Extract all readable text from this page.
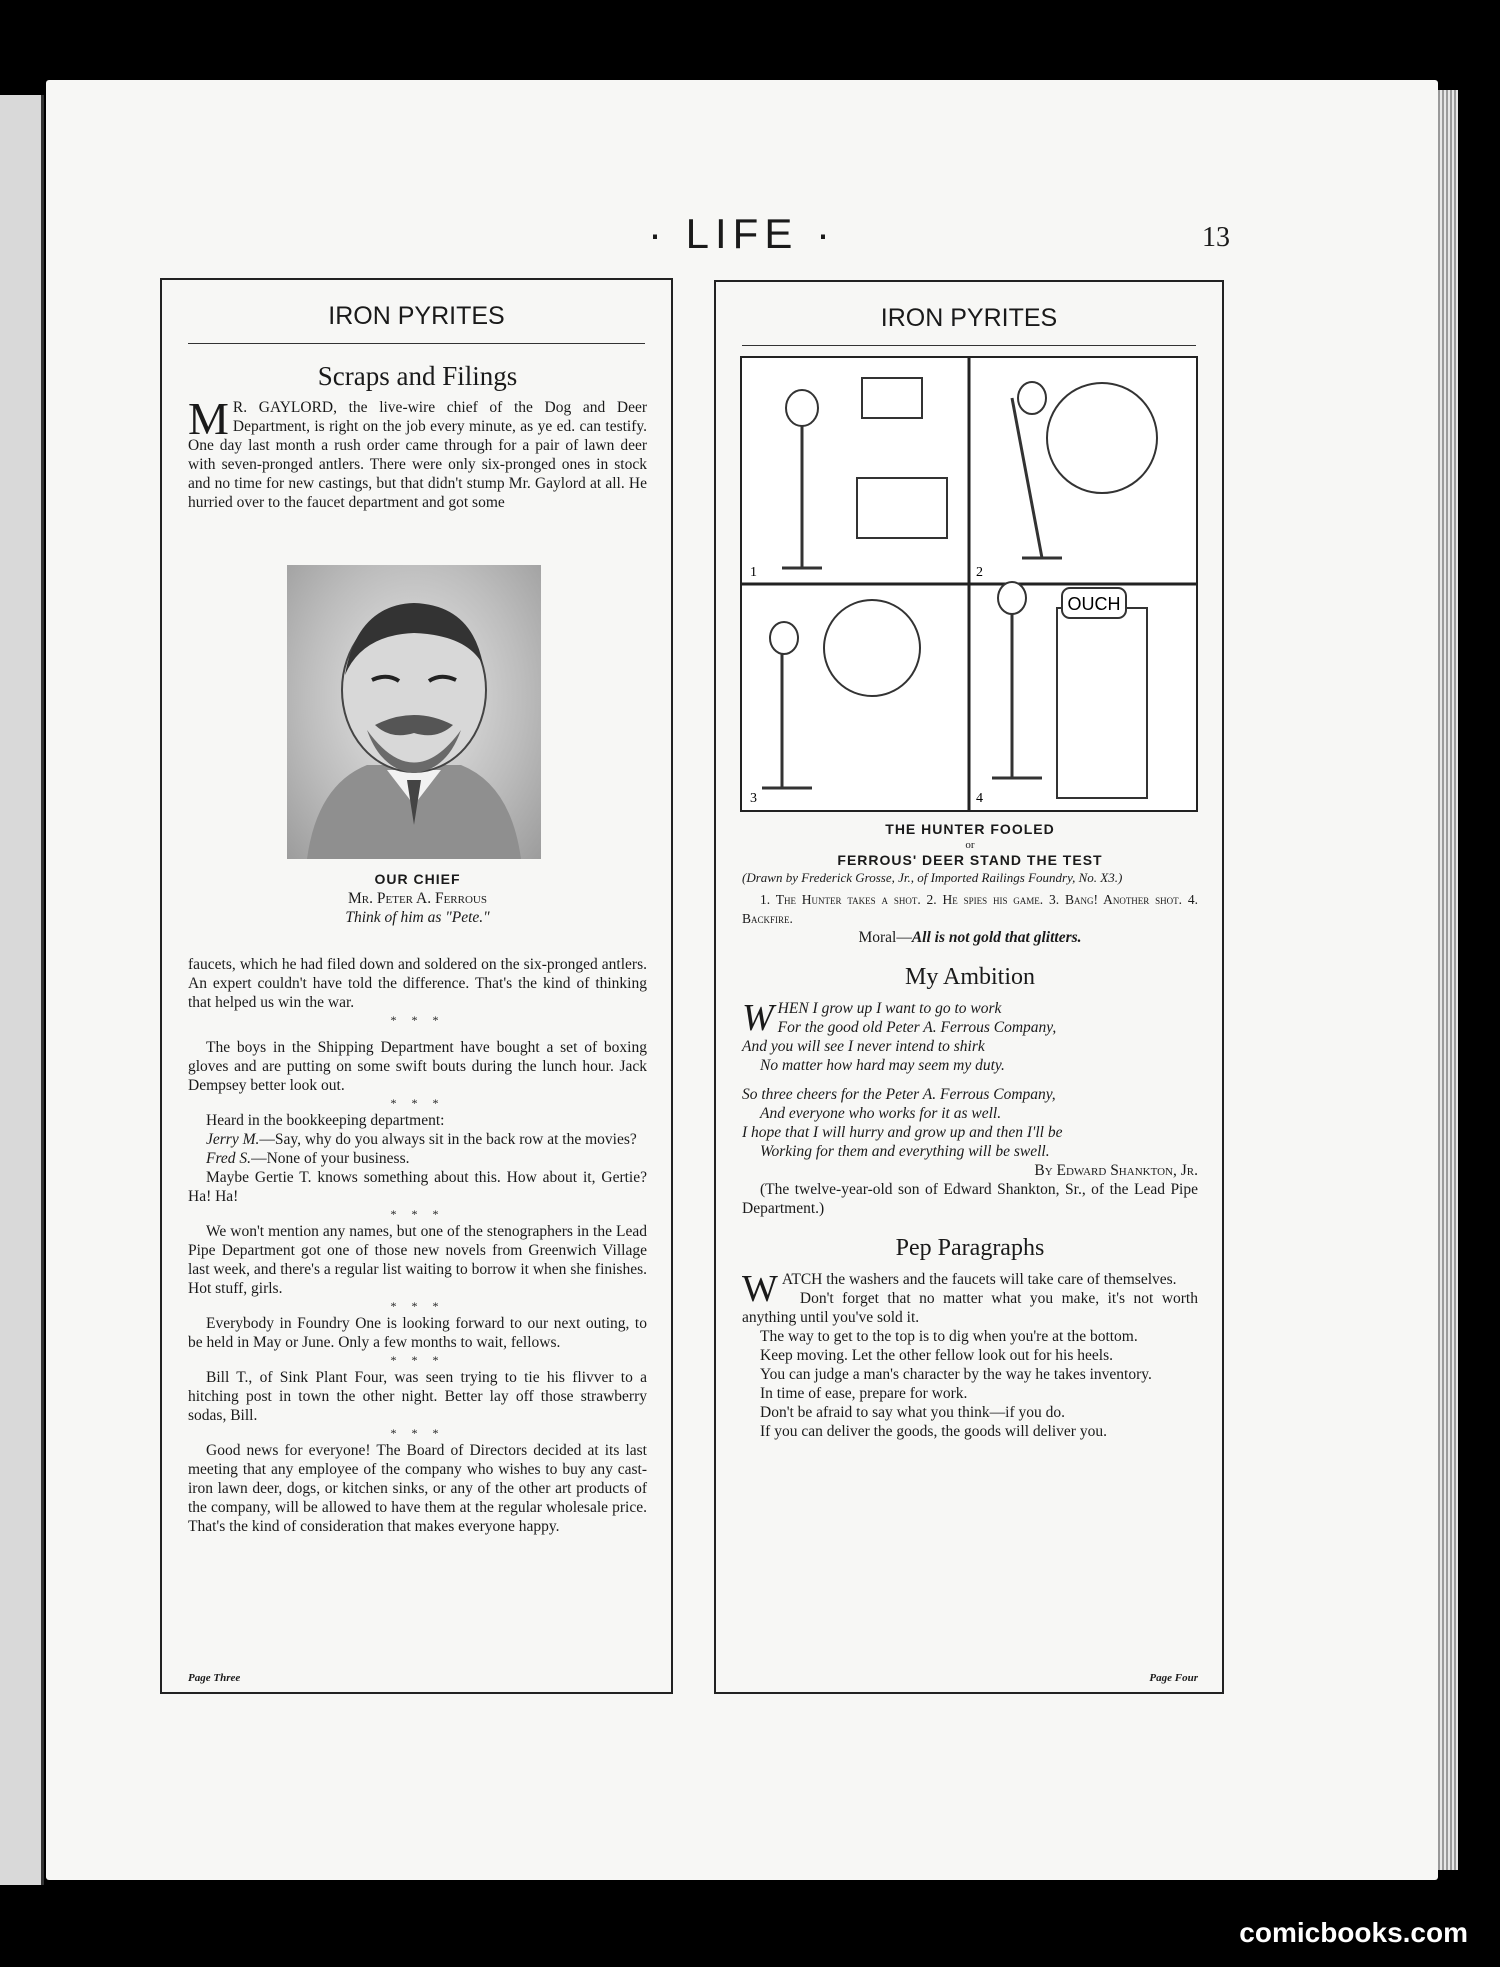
· LIFE ·	13
IRON PYRITES
Scraps and Filings

M R. GAYLORD, the live-wire chief of the Dog and Deer Department, is right on the job every minute, as ye ed. can testify. One day last month a rush order came through for a pair of lawn deer with seven-pronged antlers. There were only six-pronged ones in stock and no time for new castings, but that didn't stump Mr. Gaylord at all. He hurried over to the faucet department and got some

OUR CHIEF
Mr. Peter A. Ferrous
Think of him as "Pete."

faucets, which he had filed down and soldered on the six-pronged antlers. An expert couldn't have told the difference. That's the kind of thinking that helped us win the war.

* * *

The boys in the Shipping Department have bought a set of boxing gloves and are putting on some swift bouts during the lunch hour. Jack Dempsey better look out.

* * *

Heard in the bookkeeping department:

Jerry M.—Say, why do you always sit in the back row at the movies?

Fred S.—None of your business.

Maybe Gertie T. knows something about this. How about it, Gertie? Ha! Ha!

* * *

We won't mention any names, but one of the stenographers in the Lead Pipe Department got one of those new novels from Greenwich Village last week, and there's a regular list waiting to borrow it when she finishes. Hot stuff, girls.

* * *

Everybody in Foundry One is looking forward to our next outing, to be held in May or June. Only a few months to wait, fellows.

* * *

Bill T., of Sink Plant Four, was seen trying to tie his flivver to a hitching post in town the other night. Better lay off those strawberry sodas, Bill.

* * *

Good news for everyone! The Board of Directors decided at its last meeting that any employee of the company who wishes to buy any cast-iron lawn deer, dogs, or kitchen sinks, or any of the other art products of the company, will be allowed to have them at the regular wholesale price. That's the kind of consideration that makes everyone happy.

Page Three
IRON PYRITES
OUCH
1	2
3	4
THE HUNTER FOOLED
or
FERROUS' DEER STAND THE TEST
(Drawn by Frederick Grosse, Jr., of Imported Railings Foundry, No. X3.)
1. The Hunter takes a shot. 2. He spies his game. 3. Bang! Another shot. 4. Backfire.
Moral—All is not gold that glitters.
My Ambition
WHEN I grow up I want to go to work
For the good old Peter A. Ferrous Company,
And you will see I never intend to shirk
No matter how hard may seem my duty.
So three cheers for the Peter A. Ferrous Company,
And everyone who works for it as well.
I hope that I will hurry and grow up and then I'll be
Working for them and everything will be swell.
By Edward Shankton, Jr.
(The twelve-year-old son of Edward Shankton, Sr., of the Lead Pipe Department.)
Pep Paragraphs

WATCH the washers and the faucets will take care of themselves.

Don't forget that no matter what you make, it's not worth anything until you've sold it.

The way to get to the top is to dig when you're at the bottom.

Keep moving. Let the other fellow look out for his heels.

You can judge a man's character by the way he takes inventory.

In time of ease, prepare for work.

Don't be afraid to say what you think—if you do.

If you can deliver the goods, the goods will deliver you.

Page Four
comicbooks.com
